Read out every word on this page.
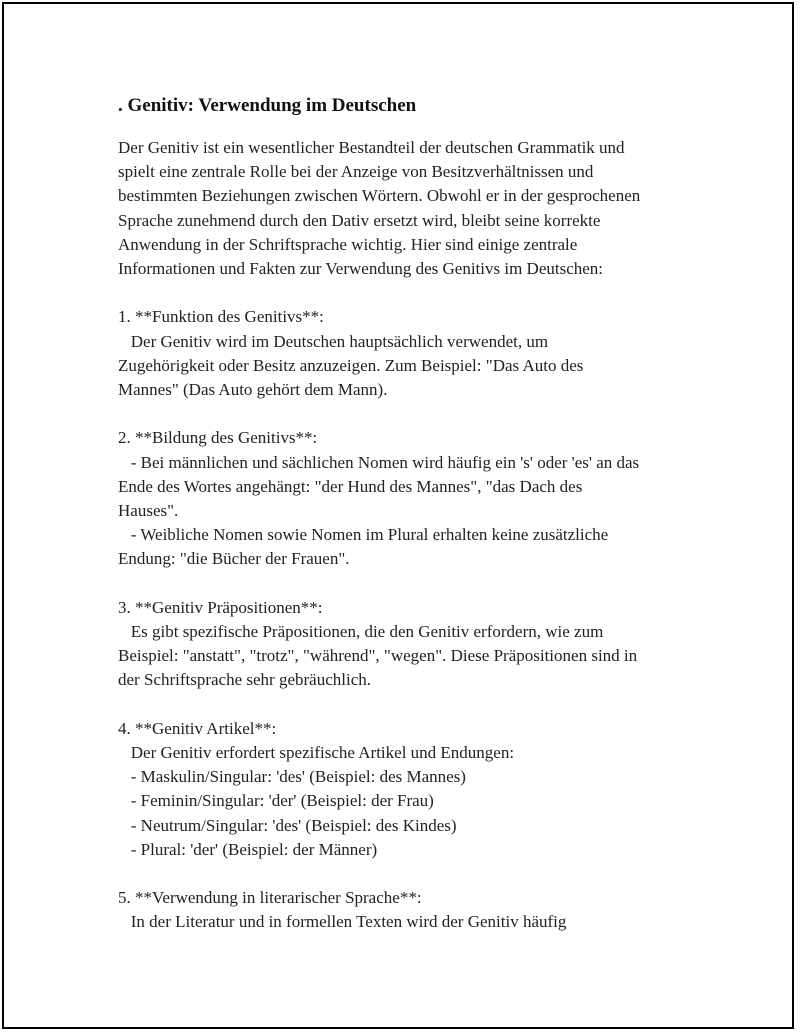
. Genitiv: Verwendung im Deutschen
Der Genitiv ist ein wesentlicher Bestandteil der deutschen Grammatik und
spielt eine zentrale Rolle bei der Anzeige von Besitzverhältnissen und
bestimmten Beziehungen zwischen Wörtern. Obwohl er in der gesprochenen
Sprache zunehmend durch den Dativ ersetzt wird, bleibt seine korrekte
Anwendung in der Schriftsprache wichtig. Hier sind einige zentrale
Informationen und Fakten zur Verwendung des Genitivs im Deutschen:
1. **Funktion des Genitivs**:
Der Genitiv wird im Deutschen hauptsächlich verwendet, um
Zugehörigkeit oder Besitz anzuzeigen. Zum Beispiel: "Das Auto des
Mannes" (Das Auto gehört dem Mann).
2. **Bildung des Genitivs**:
- Bei männlichen und sächlichen Nomen wird häufig ein 's' oder 'es' an das
Ende des Wortes angehängt: "der Hund des Mannes", "das Dach des
Hauses".
- Weibliche Nomen sowie Nomen im Plural erhalten keine zusätzliche
Endung: "die Bücher der Frauen".
3. **Genitiv Präpositionen**:
Es gibt spezifische Präpositionen, die den Genitiv erfordern, wie zum
Beispiel: "anstatt", "trotz", "während", "wegen". Diese Präpositionen sind in
der Schriftsprache sehr gebräuchlich.
4. **Genitiv Artikel**:
Der Genitiv erfordert spezifische Artikel und Endungen:
- Maskulin/Singular: 'des' (Beispiel: des Mannes)
- Feminin/Singular: 'der' (Beispiel: der Frau)
- Neutrum/Singular: 'des' (Beispiel: des Kindes)
- Plural: 'der' (Beispiel: der Männer)
5. **Verwendung in literarischer Sprache**:
In der Literatur und in formellen Texten wird der Genitiv häufig
